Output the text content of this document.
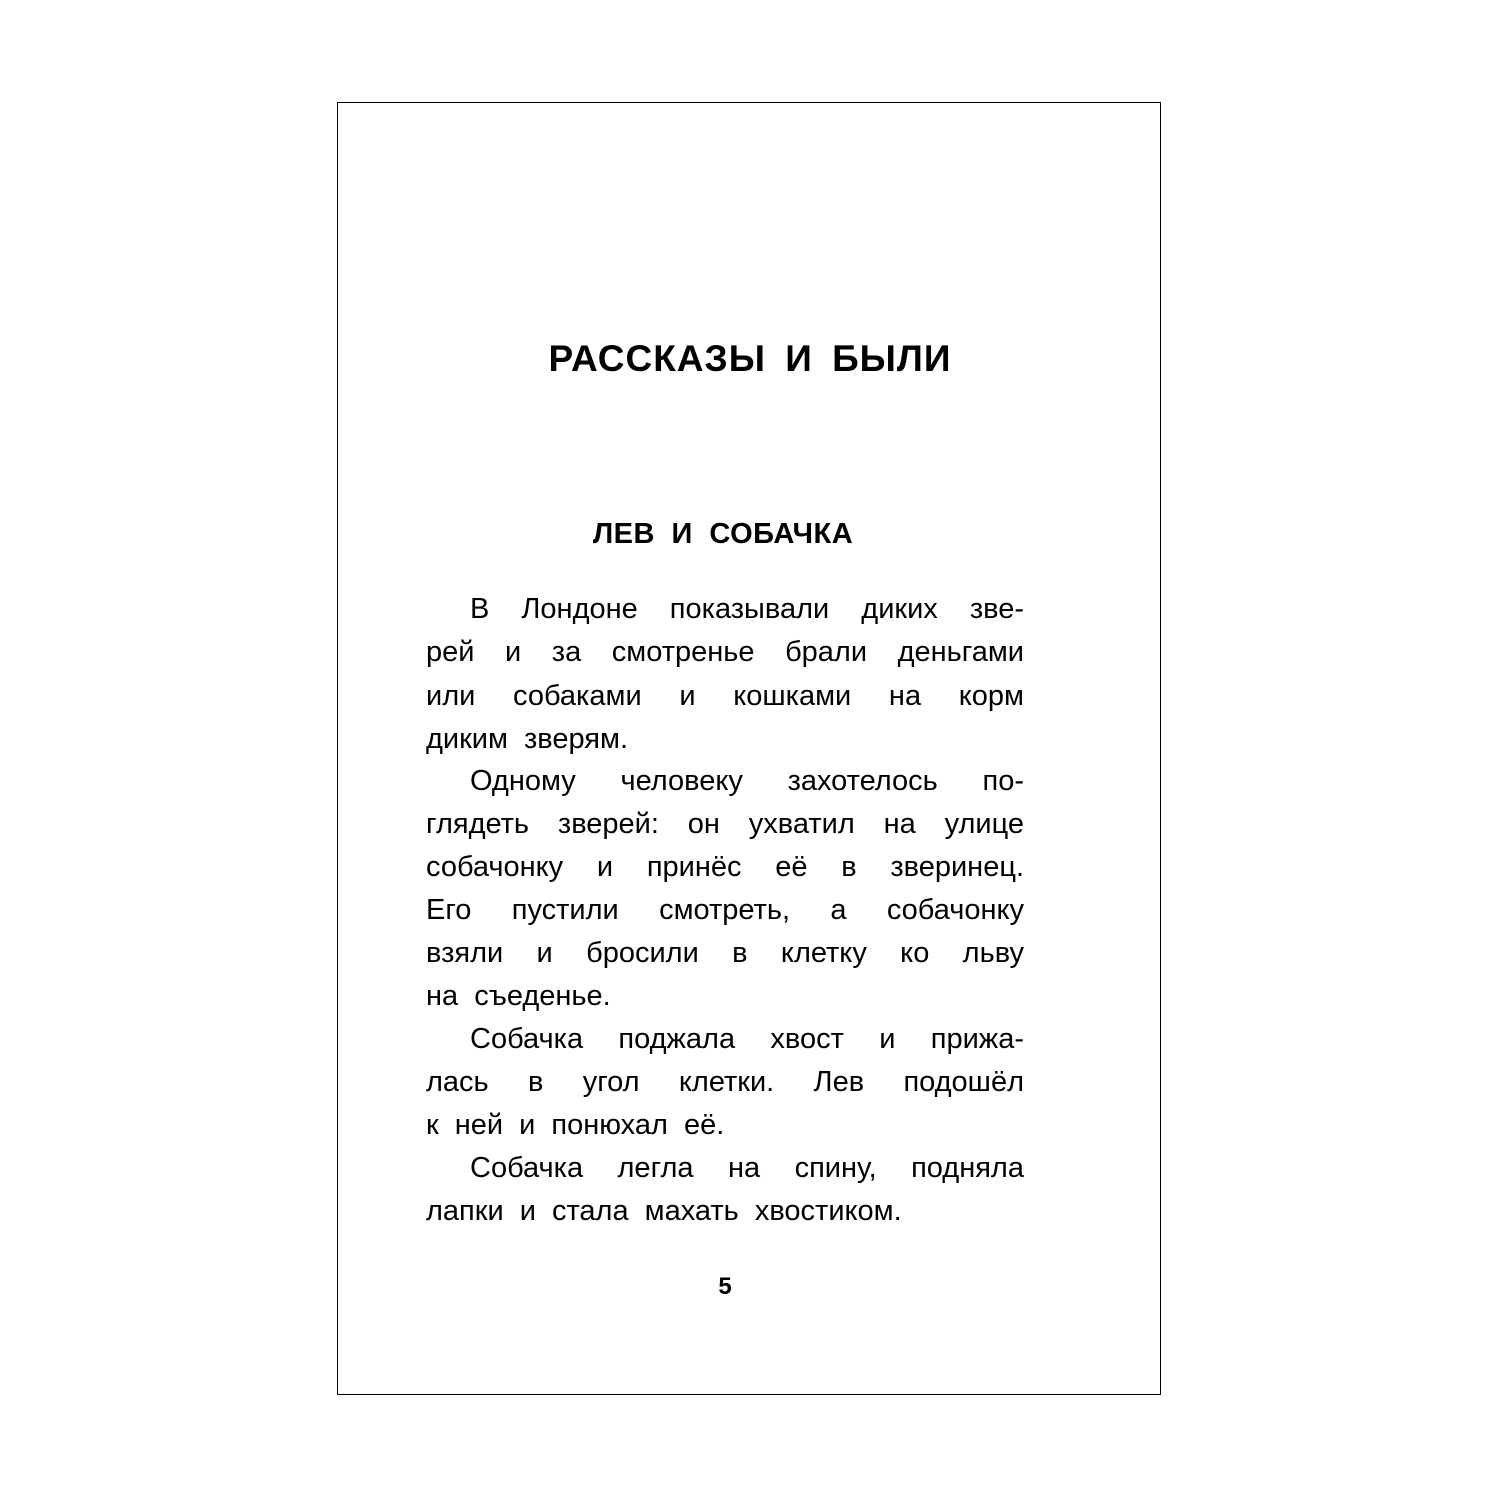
РАССКАЗЫ И БЫЛИ
ЛЕВ И СОБАЧКА
В Лондоне показывали диких зве-
рей и за смотренье брали деньгами
или собаками и кошками на корм
диким зверям.
Одному человеку захотелось по-
глядеть зверей: он ухватил на улице
собачонку и принёс её в зверинец.
Его пустили смотреть, а собачонку
взяли и бросили в клетку ко льву
на съеденье.
Собачка поджала хвост и прижа-
лась в угол клетки. Лев подошёл
к ней и понюхал её.
Собачка легла на спину, подняла
лапки и стала махать хвостиком.
5
